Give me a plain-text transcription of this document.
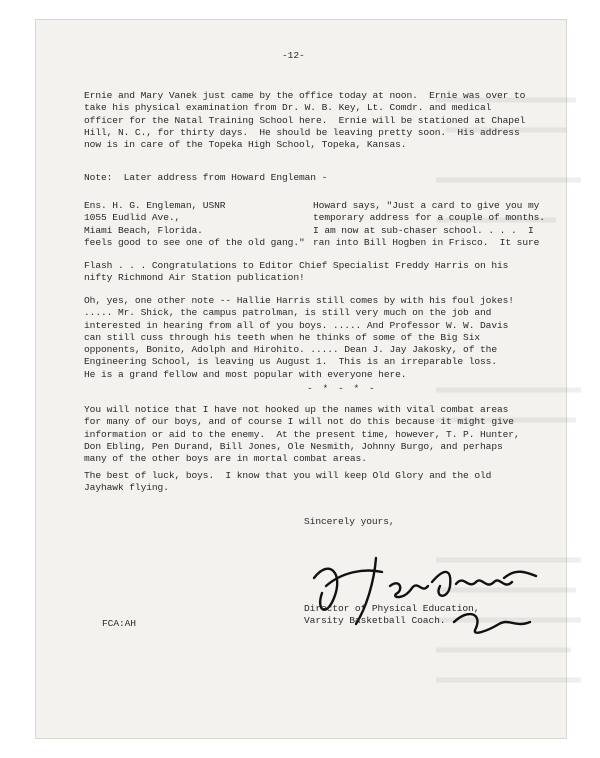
-12-
Ernie and Mary Vanek just came by the office today at noon.  Ernie was over to
take his physical examination from Dr. W. B. Key, Lt. Comdr. and medical
officer for the Natal Training School here.  Ernie will be stationed at Chapel
Hill, N. C., for thirty days.  He should be leaving pretty soon.  His address
now is in care of the Topeka High School, Topeka, Kansas.
Note:  Later address from Howard Engleman -
Ens. H. G. Engleman, USNR
1055 Eudlid Ave.,
Miami Beach, Florida.
Howard says, "Just a card to give you my
temporary address for a couple of months.
I am now at sub-chaser school. . . .  I
ran into Bill Hogben in Frisco.  It sure
feels good to see one of the old gang."
Flash . . . Congratulations to Editor Chief Specialist Freddy Harris on his
nifty Richmond Air Station publication!
Oh, yes, one other note -- Hallie Harris still comes by with his foul jokes!
..... Mr. Shick, the campus patrolman, is still very much on the job and
interested in hearing from all of you boys. ..... And Professor W. W. Davis
can still cuss through his teeth when he thinks of some of the Big Six
opponents, Bonito, Adolph and Hirohito. ..... Dean J. Jay Jakosky, of the
Engineering School, is leaving us August 1.  This is an irreparable loss.
He is a grand fellow and most popular with everyone here.
- * - * -
You will notice that I have not hooked up the names with vital combat areas
for many of our boys, and of course I will not do this because it might give
information or aid to the enemy.  At the present time, however, T. P. Hunter,
Don Ebling, Pen Durand, Bill Jones, Ole Nesmith, Johnny Burgo, and perhaps
many of the other boys are in mortal combat areas.
The best of luck, boys.  I know that you will keep Old Glory and the old
Jayhawk flying.
Sincerely yours,
Director of Physical Education,
Varsity Basketball Coach.
FCA:AH
